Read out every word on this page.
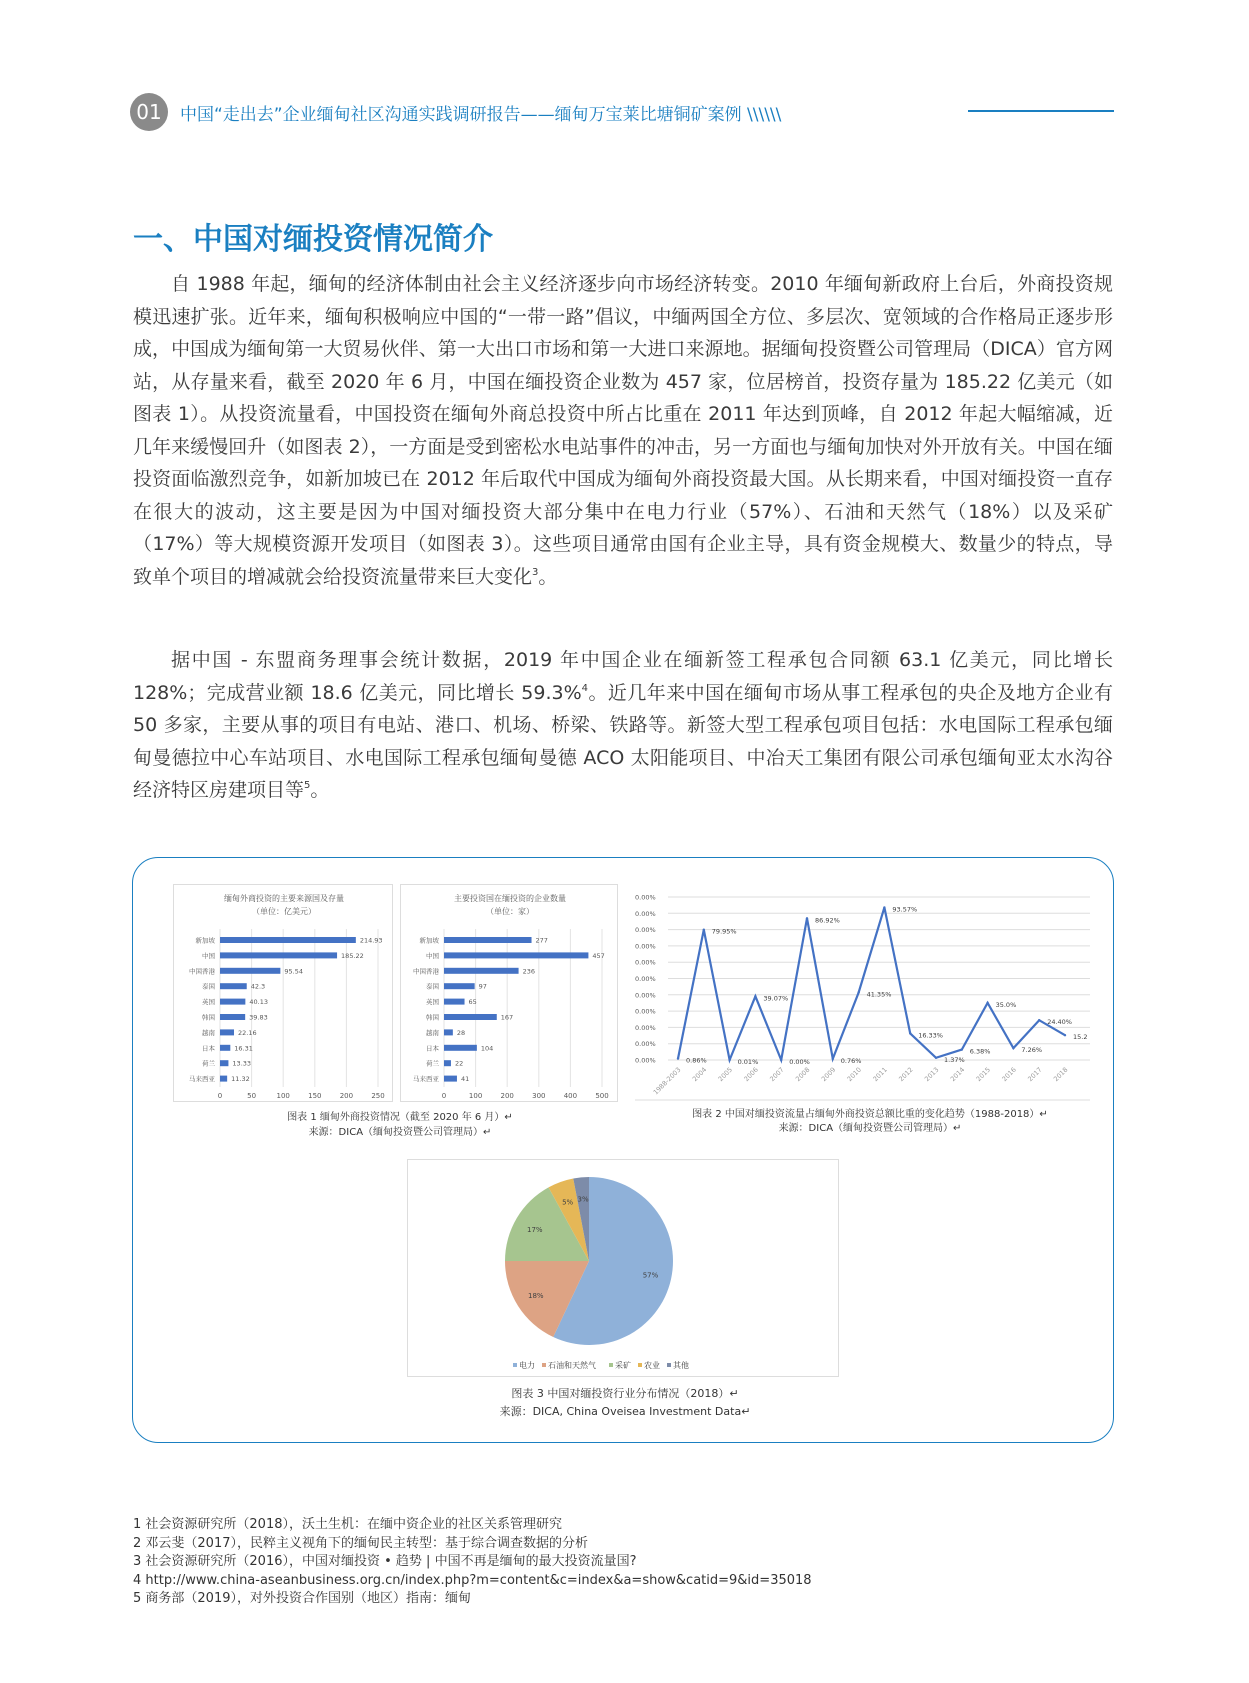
01	中国“走出去”企业缅甸社区沟通实践调研报告——缅甸万宝莱比塘铜矿案例 \\\\\\
一、中国对缅投资情况简介
自 1988 年起，缅甸的经济体制由社会主义经济逐步向市场经济转变。2010 年缅甸新政府上台后，外商投资规模迅速扩张。近年来，缅甸积极响应中国的“一带一路”倡议，中缅两国全方位、多层次、宽领域的合作格局正逐步形成，中国成为缅甸第一大贸易伙伴、第一大出口市场和第一大进口来源地。据缅甸投资暨公司管理局（DICA）官方网站，从存量来看，截至 2020 年 6 月，中国在缅投资企业数为 457 家，位居榜首，投资存量为 185.22 亿美元（如图表 1）。从投资流量看，中国投资在缅甸外商总投资中所占比重在 2011 年达到顶峰，自 2012 年起大幅缩减，近几年来缓慢回升（如图表 2），一方面是受到密松水电站事件的冲击，另一方面也与缅甸加快对外开放有关。中国在缅投资面临激烈竞争，如新加坡已在 2012 年后取代中国成为缅甸外商投资最大国。从长期来看，中国对缅投资一直存在很大的波动，这主要是因为中国对缅投资大部分集中在电力行业（57%）、石油和天然气（18%）以及采矿（17%）等大规模资源开发项目（如图表 3）。这些项目通常由国有企业主导，具有资金规模大、数量少的特点，导致单个项目的增减就会给投资流量带来巨大变化$^3$。
据中国 - 东盟商务理事会统计数据，2019 年中国企业在缅新签工程承包合同额 63.1 亿美元，同比增长 128%；完成营业额 18.6 亿美元，同比增长 59.3%$^4$。近几年来中国在缅甸市场从事工程承包的央企及地方企业有 50 多家，主要从事的项目有电站、港口、机场、桥梁、铁路等。新签大型工程承包项目包括：水电国际工程承包缅甸曼德拉中心车站项目、水电国际工程承包缅甸曼德 ACO 太阳能项目、中冶天工集团有限公司承包缅甸亚太水沟谷经济特区房建项目等$^5$。
缅甸外商投资的主要来源国及存量
（单位：亿美元）
0	50	100	150	200	250
新加坡	214.93
中国	185.22
中国香港	95.54
泰国	42.3
英国	40.13
韩国	39.83
越南	22.16
日本	16.31
荷兰	13.33
马来西亚 11.32
主要投资国在缅投资的企业数量
（单位：家）
0	100	200	300	400	500
新加坡	277
中国	457
中国香港	236
泰国	97
英国	65
韩国	167
越南	28
日本	104
荷兰 22
马来西亚	41
图表 1 缅甸外商投资情况（截至 2020 年 6 月）↵
来源：DICA（缅甸投资暨公司管理局）↵
0.00%
0.00%
0.00%
0.00%
0.00%
0.00%
0.00%
0.00%
0.00%
0.00%
0.00%
0.86%
1988-2003
79.95%
2004
0.01%
2005
39.07%
2006
0.00%
2007
86.92%
2008
0.76%
2009
41.35%
2010
93.57%
2011
16.33%
2012
1.37%
2013
6.38%
2014
35.0%
2015
7.26%
2016
24.40%
2017
15.2
2018
图表 2 中国对缅投资流量占缅甸外商投资总额比重的变化趋势（1988-2018）↵
来源：DICA（缅甸投资暨公司管理局）↵
57%
18%
17%
5% 3%
电力 石油和天然气 采矿 农业 其他
图表 3 中国对缅投资行业分布情况（2018）↵
来源：DICA, China Oveisea Investment Data↵
1 社会资源研究所（2018），沃土生机：在缅中资企业的社区关系管理研究
2 邓云斐（2017），民粹主义视角下的缅甸民主转型：基于综合调查数据的分析
3 社会资源研究所（2016），中国对缅投资 • 趋势 | 中国不再是缅甸的最大投资流量国?
4 http://www.china-aseanbusiness.org.cn/index.php?m=content&c=index&a=show&catid=9&id=35018
5 商务部（2019），对外投资合作国别（地区）指南：缅甸
